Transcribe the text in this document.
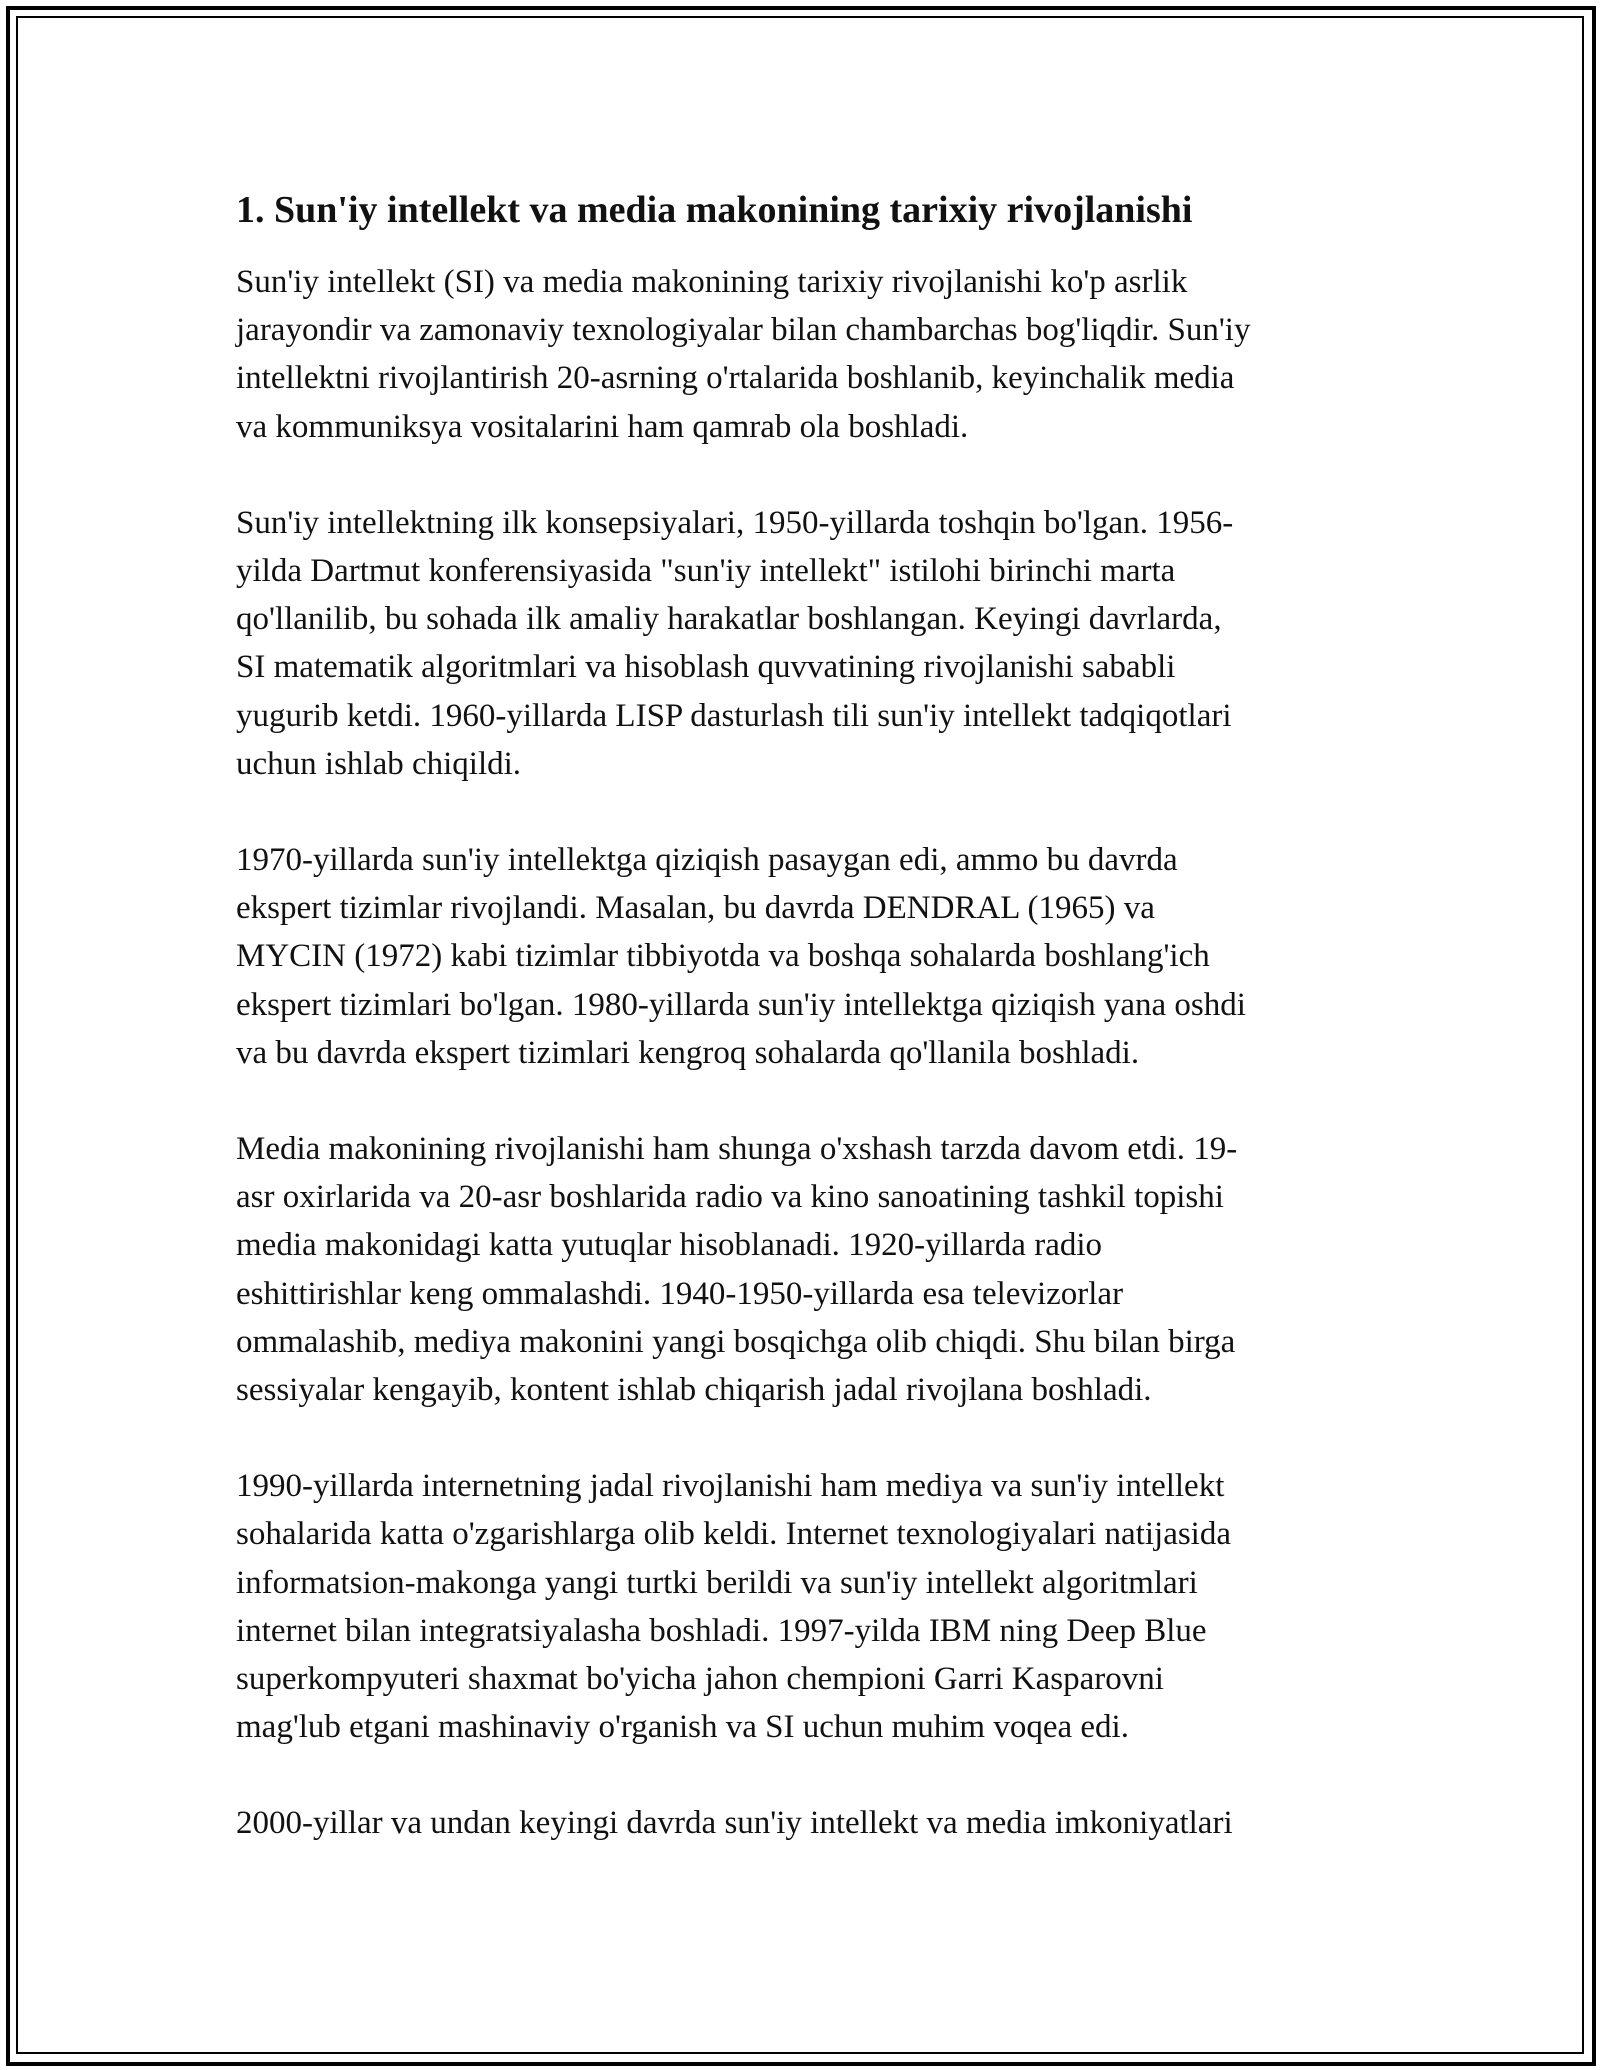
1. Sun'iy intellekt va media makonining tarixiy rivojlanishi
Sun'iy intellekt (SI) va media makonining tarixiy rivojlanishi ko'p asrlik
jarayondir va zamonaviy texnologiyalar bilan chambarchas bog'liqdir. Sun'iy
intellektni rivojlantirish 20-asrning o'rtalarida boshlanib, keyinchalik media
va kommuniksya vositalarini ham qamrab ola boshladi.
Sun'iy intellektning ilk konsepsiyalari, 1950-yillarda toshqin bo'lgan. 1956-
yilda Dartmut konferensiyasida "sun'iy intellekt" istilohi birinchi marta
qo'llanilib, bu sohada ilk amaliy harakatlar boshlangan. Keyingi davrlarda,
SI matematik algoritmlari va hisoblash quvvatining rivojlanishi sababli
yugurib ketdi. 1960-yillarda LISP dasturlash tili sun'iy intellekt tadqiqotlari
uchun ishlab chiqildi.
1970-yillarda sun'iy intellektga qiziqish pasaygan edi, ammo bu davrda
ekspert tizimlar rivojlandi. Masalan, bu davrda DENDRAL (1965) va
MYCIN (1972) kabi tizimlar tibbiyotda va boshqa sohalarda boshlang'ich
ekspert tizimlari bo'lgan. 1980-yillarda sun'iy intellektga qiziqish yana oshdi
va bu davrda ekspert tizimlari kengroq sohalarda qo'llanila boshladi.
Media makonining rivojlanishi ham shunga o'xshash tarzda davom etdi. 19-
asr oxirlarida va 20-asr boshlarida radio va kino sanoatining tashkil topishi
media makonidagi katta yutuqlar hisoblanadi. 1920-yillarda radio
eshittirishlar keng ommalashdi. 1940-1950-yillarda esa televizorlar
ommalashib, mediya makonini yangi bosqichga olib chiqdi. Shu bilan birga
sessiyalar kengayib, kontent ishlab chiqarish jadal rivojlana boshladi.
1990-yillarda internetning jadal rivojlanishi ham mediya va sun'iy intellekt
sohalarida katta o'zgarishlarga olib keldi. Internet texnologiyalari natijasida
informatsion-makonga yangi turtki berildi va sun'iy intellekt algoritmlari
internet bilan integratsiyalasha boshladi. 1997-yilda IBM ning Deep Blue
superkompyuteri shaxmat bo'yicha jahon chempioni Garri Kasparovni
mag'lub etgani mashinaviy o'rganish va SI uchun muhim voqea edi.
2000-yillar va undan keyingi davrda sun'iy intellekt va media imkoniyatlari
